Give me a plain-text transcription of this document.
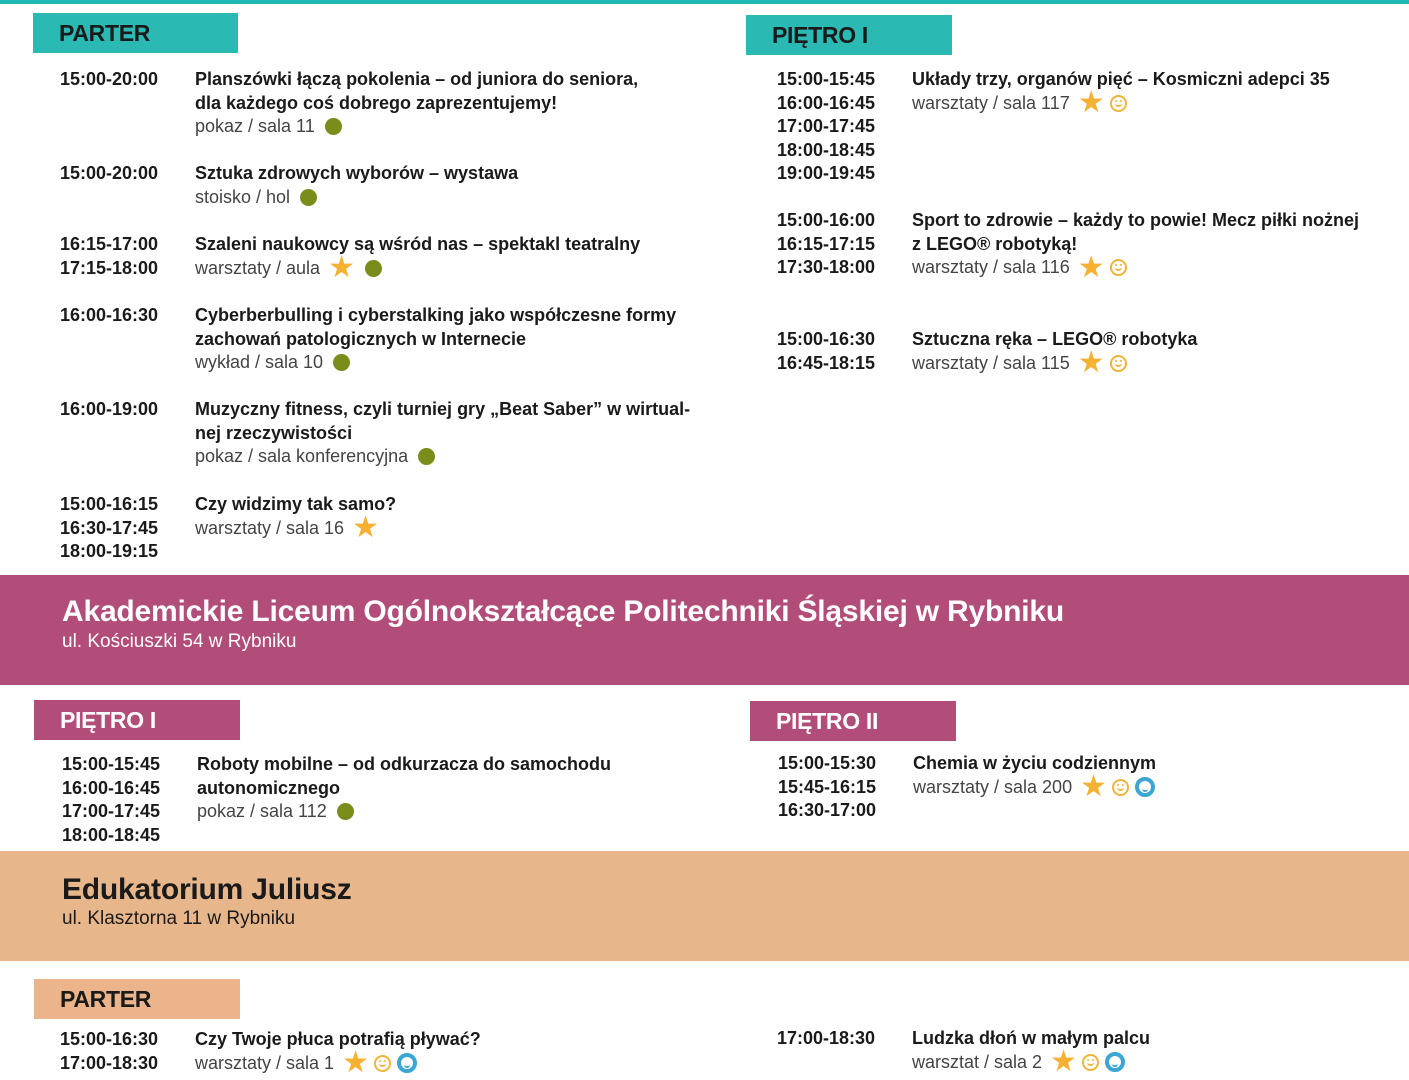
PARTER	PIĘTRO I
15:00-20:00	Planszówki łączą pokolenia – od juniora do seniora,
dla każdego coś dobrego zaprezentujemy!
pokaz / sala 11
15:00-20:00	Sztuka zdrowych wyborów – wystawa
stoisko / hol
16:15-17:00
17:15-18:00
Szaleni naukowcy są wśród nas – spektakl teatralny
warsztaty / aula ★
16:00-16:30	Cyberberbulling i cyberstalking jako współczesne formy
zachowań patologicznych w Internecie
wykład / sala 10
16:00-19:00	Muzyczny fitness, czyli turniej gry „Beat Saber” w wirtual-
nej rzeczywistości
pokaz / sala konferencyjna
15:00-16:15
16:30-17:45
18:00-19:15
Czy widzimy tak samo?
warsztaty / sala 16 ★
15:00-15:45
16:00-16:45
17:00-17:45
18:00-18:45
19:00-19:45
Układy trzy, organów pięć – Kosmiczni adepci 35
warsztaty / sala 117 ★
15:00-16:00
16:15-17:15
17:30-18:00
Sport to zdrowie – każdy to powie! Mecz piłki nożnej
z LEGO® robotyką!
warsztaty / sala 116 ★
15:00-16:30
16:45-18:15
Sztuczna ręka – LEGO® robotyka
warsztaty / sala 115 ★
Akademickie Liceum Ogólnokształcące Politechniki Śląskiej w Rybniku
ul. Kościuszki 54 w Rybniku
PIĘTRO I	PIĘTRO II
15:00-15:45
16:00-16:45
17:00-17:45
18:00-18:45
Roboty mobilne – od odkurzacza do samochodu
autonomicznego
pokaz / sala 112
15:00-15:30
15:45-16:15
16:30-17:00
Chemia w życiu codziennym
warsztaty / sala 200 ★
Edukatorium Juliusz
ul. Klasztorna 11 w Rybniku
PARTER
15:00-16:30
17:00-18:30
Czy Twoje płuca potrafią pływać?
warsztaty / sala 1 ★
17:00-18:30	Ludzka dłoń w małym palcu
warsztat / sala 2 ★
